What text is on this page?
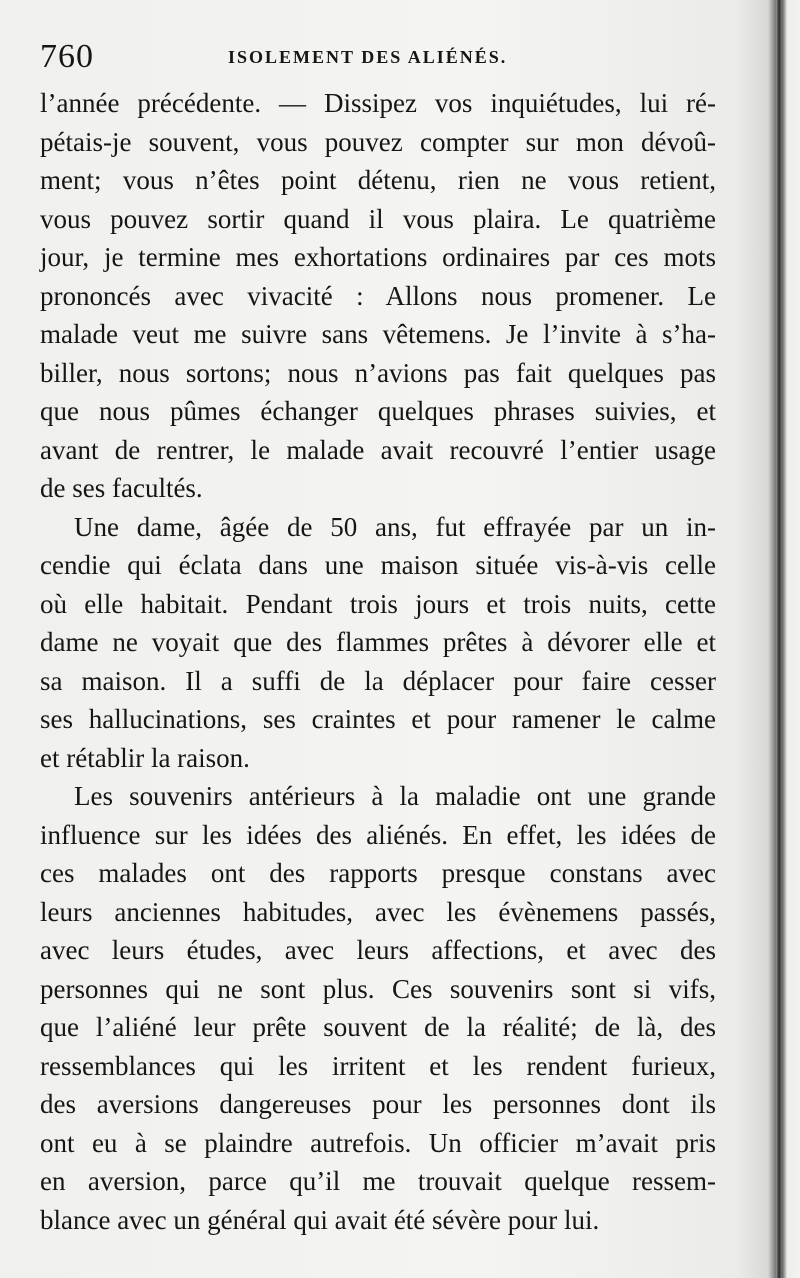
760	ISOLEMENT DES ALIÉNÉS.
l’année précédente. — Dissipez vos inquiétudes, lui ré-
pétais-je souvent, vous pouvez compter sur mon dévoû-
ment; vous n’êtes point détenu, rien ne vous retient,
vous pouvez sortir quand il vous plaira. Le quatrième
jour, je termine mes exhortations ordinaires par ces mots
prononcés avec vivacité : Allons nous promener. Le
malade veut me suivre sans vêtemens. Je l’invite à s’ha-
biller, nous sortons; nous n’avions pas fait quelques pas
que nous pûmes échanger quelques phrases suivies, et
avant de rentrer, le malade avait recouvré l’entier usage
de ses facultés.
Une dame, âgée de 50 ans, fut effrayée par un in-
cendie qui éclata dans une maison située vis-à-vis celle
où elle habitait. Pendant trois jours et trois nuits, cette
dame ne voyait que des flammes prêtes à dévorer elle et
sa maison. Il a suffi de la déplacer pour faire cesser
ses hallucinations, ses craintes et pour ramener le calme
et rétablir la raison.
Les souvenirs antérieurs à la maladie ont une grande
influence sur les idées des aliénés. En effet, les idées de
ces malades ont des rapports presque constans avec
leurs anciennes habitudes, avec les évènemens passés,
avec leurs études, avec leurs affections, et avec des
personnes qui ne sont plus. Ces souvenirs sont si vifs,
que l’aliéné leur prête souvent de la réalité; de là, des
ressemblances qui les irritent et les rendent furieux,
des aversions dangereuses pour les personnes dont ils
ont eu à se plaindre autrefois. Un officier m’avait pris
en aversion, parce qu’il me trouvait quelque ressem-
blance avec un général qui avait été sévère pour lui.
